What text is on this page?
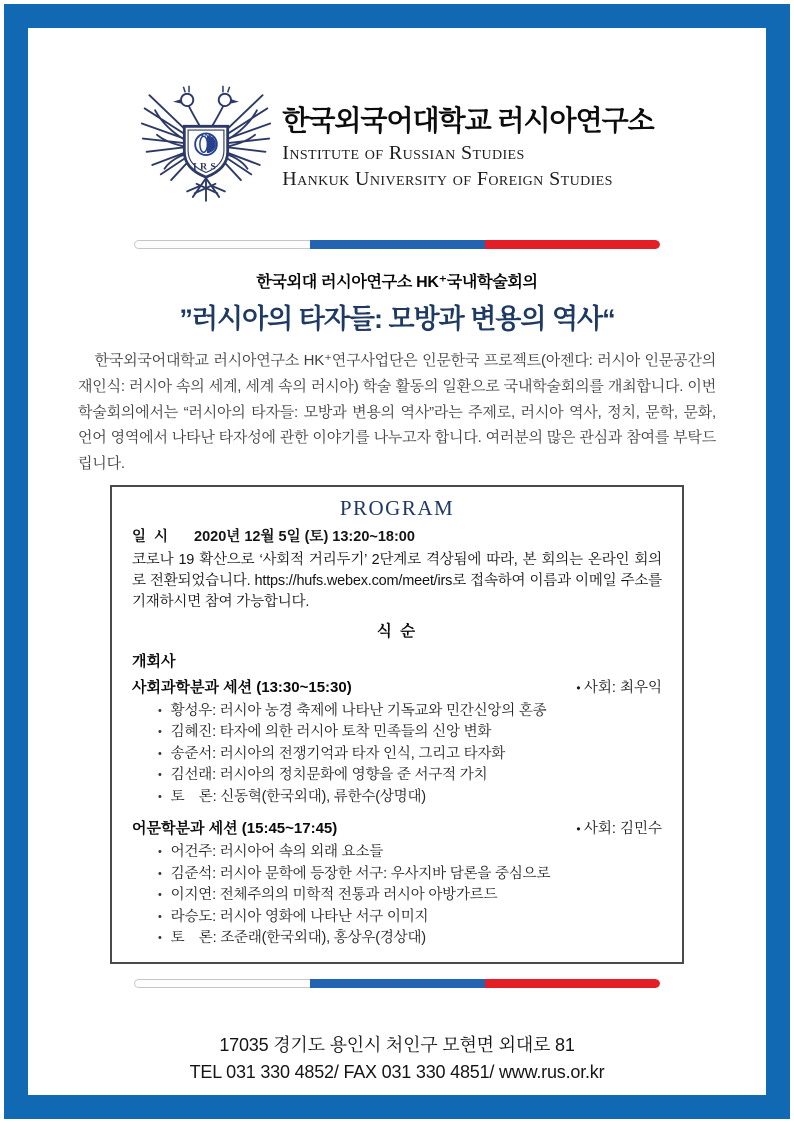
IRS
한국외국어대학교 러시아연구소
Institute of Russian Studies
Hankuk University of Foreign Studies
한국외대 러시아연구소 HK⁺국내학술회의
”러시아의 타자들: 모방과 변용의 역사“

한국외국어대학교 러시아연구소 HK⁺연구사업단은 인문한국 프로젝트(아젠다: 러시아 인문공간의 재인식: 러시아 속의 세계, 세계 속의 러시아) 학술 활동의 일환으로 국내학술회의를 개최합니다. 이번 학술회의에서는 “러시아의 타자들: 모방과 변용의 역사”라는 주제로, 러시아 역사, 정치, 문학, 문화, 언어 영역에서 나타난 타자성에 관한 이야기를 나누고자 합니다. 여러분의 많은 관심과 참여를 부탁드립니다.

PROGRAM
일 시 2020년 12월 5일 (토) 13:20~18:00

코로나 19 확산으로 ‘사회적 거리두기’ 2단계로 격상됨에 따라, 본 회의는 온라인 회의로 전환되었습니다. https://hufs.webex.com/meet/irs로 접속하여 이름과 이메일 주소를 기재하시면 참여 가능합니다.

식 순
개회사
사회과학분과 세션 (13:30~15:30)	• 사회: 최우익
• 황성우: 러시아 농경 축제에 나타난 기독교와 민간신앙의 혼종
• 김혜진: 타자에 의한 러시아 토착 민족들의 신앙 변화
• 송준서: 러시아의 전쟁기억과 타자 인식, 그리고 타자화
• 김선래: 러시아의 정치문화에 영향을 준 서구적 가치
• 토　론: 신동혁(한국외대), 류한수(상명대)
어문학분과 세션 (15:45~17:45)	• 사회: 김민수
• 어건주: 러시아어 속의 외래 요소들
• 김준석: 러시아 문학에 등장한 서구: 우사지바 담론을 중심으로
• 이지연: 전체주의의 미학적 전통과 러시아 아방가르드
• 라승도: 러시아 영화에 나타난 서구 이미지
• 토　론: 조준래(한국외대), 홍상우(경상대)
17035 경기도 용인시 처인구 모현면 외대로 81
TEL 031 330 4852/ FAX 031 330 4851/ www.rus.or.kr
